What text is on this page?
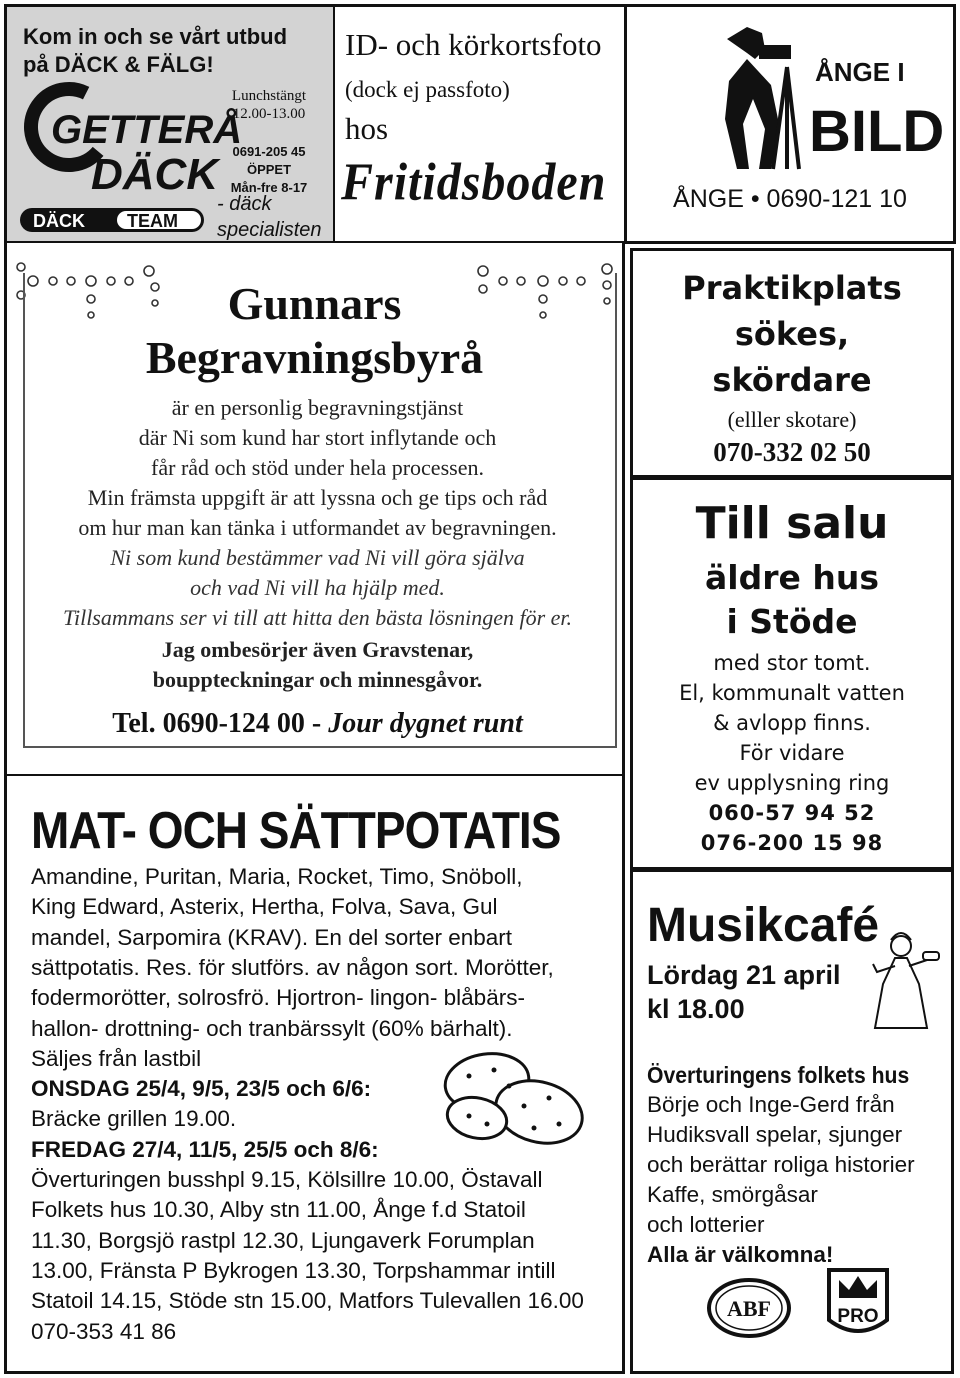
Kom in och se vårt utbud
på DÄCK & FÄLG!
GETTERÅ
DÄCK
Lunchstängt
12.00-13.00
0691-205 45
ÖPPET
Mån-fre 8-17
- däck
specialisten
DÄCK TEAM
ID- och körkortsfoto
(dock ej passfoto)
hos
Fritidsboden
ÅNGE I
BILD
ÅNGE • 0690-121 10
Gunnars
Begravningsbyrå
är en personlig begravningstjänst
där Ni som kund har stort inflytande och
får råd och stöd under hela processen.
Min främsta uppgift är att lyssna och ge tips och råd
om hur man kan tänka i utformandet av begravningen.
Ni som kund bestämmer vad Ni vill göra själva
och vad Ni vill ha hjälp med.
Tillsammans ser vi till att hitta den bästa lösningen för er.
Jag ombesörjer även Gravstenar,
bouppteckningar och minnesgåvor.
Tel. 0690-124 00 - Jour dygnet runt
MAT- OCH SÄTTPOTATIS
Amandine, Puritan, Maria, Rocket, Timo, Snöboll,
King Edward, Asterix, Hertha, Folva, Sava, Gul
mandel, Sarpomira (KRAV). En del sorter enbart
sättpotatis. Res. för slutförs. av någon sort. Morötter,
fodermorötter, solrosfrö. Hjortron- lingon- blåbärs-
hallon- drottning- och tranbärssylt (60% bärhalt).
Säljes från lastbil
ONSDAG 25/4, 9/5, 23/5 och 6/6:
Bräcke grillen 19.00.
FREDAG 27/4, 11/5, 25/5 och 8/6:
Överturingen busshpl 9.15, Kölsillre 10.00, Östavall
Folkets hus 10.30, Alby stn 11.00, Ånge f.d Statoil
11.30, Borgsjö rastpl 12.30, Ljungaverk Forumplan
13.00, Fränsta P Bykrogen 13.30, Torpshammar intill
Statoil 14.15, Stöde stn 15.00, Matfors Tulevallen 16.00
070-353 41 86
Praktikplats
sökes,
skördare
(elller skotare)
070-332 02 50
Till salu
äldre hus
i Stöde
med stor tomt.
El, kommunalt vatten
& avlopp finns.
För vidare
ev upplysning ring
060-57 94 52
076-200 15 98
Musikcafé
Lördag 21 april
kl 18.00
Överturingens folkets hus
Börje och Inge-Gerd från
Hudiksvall spelar, sjunger
och berättar roliga historier
Kaffe, smörgåsar
och lotterier
Alla är välkomna!
ABF	PRO
